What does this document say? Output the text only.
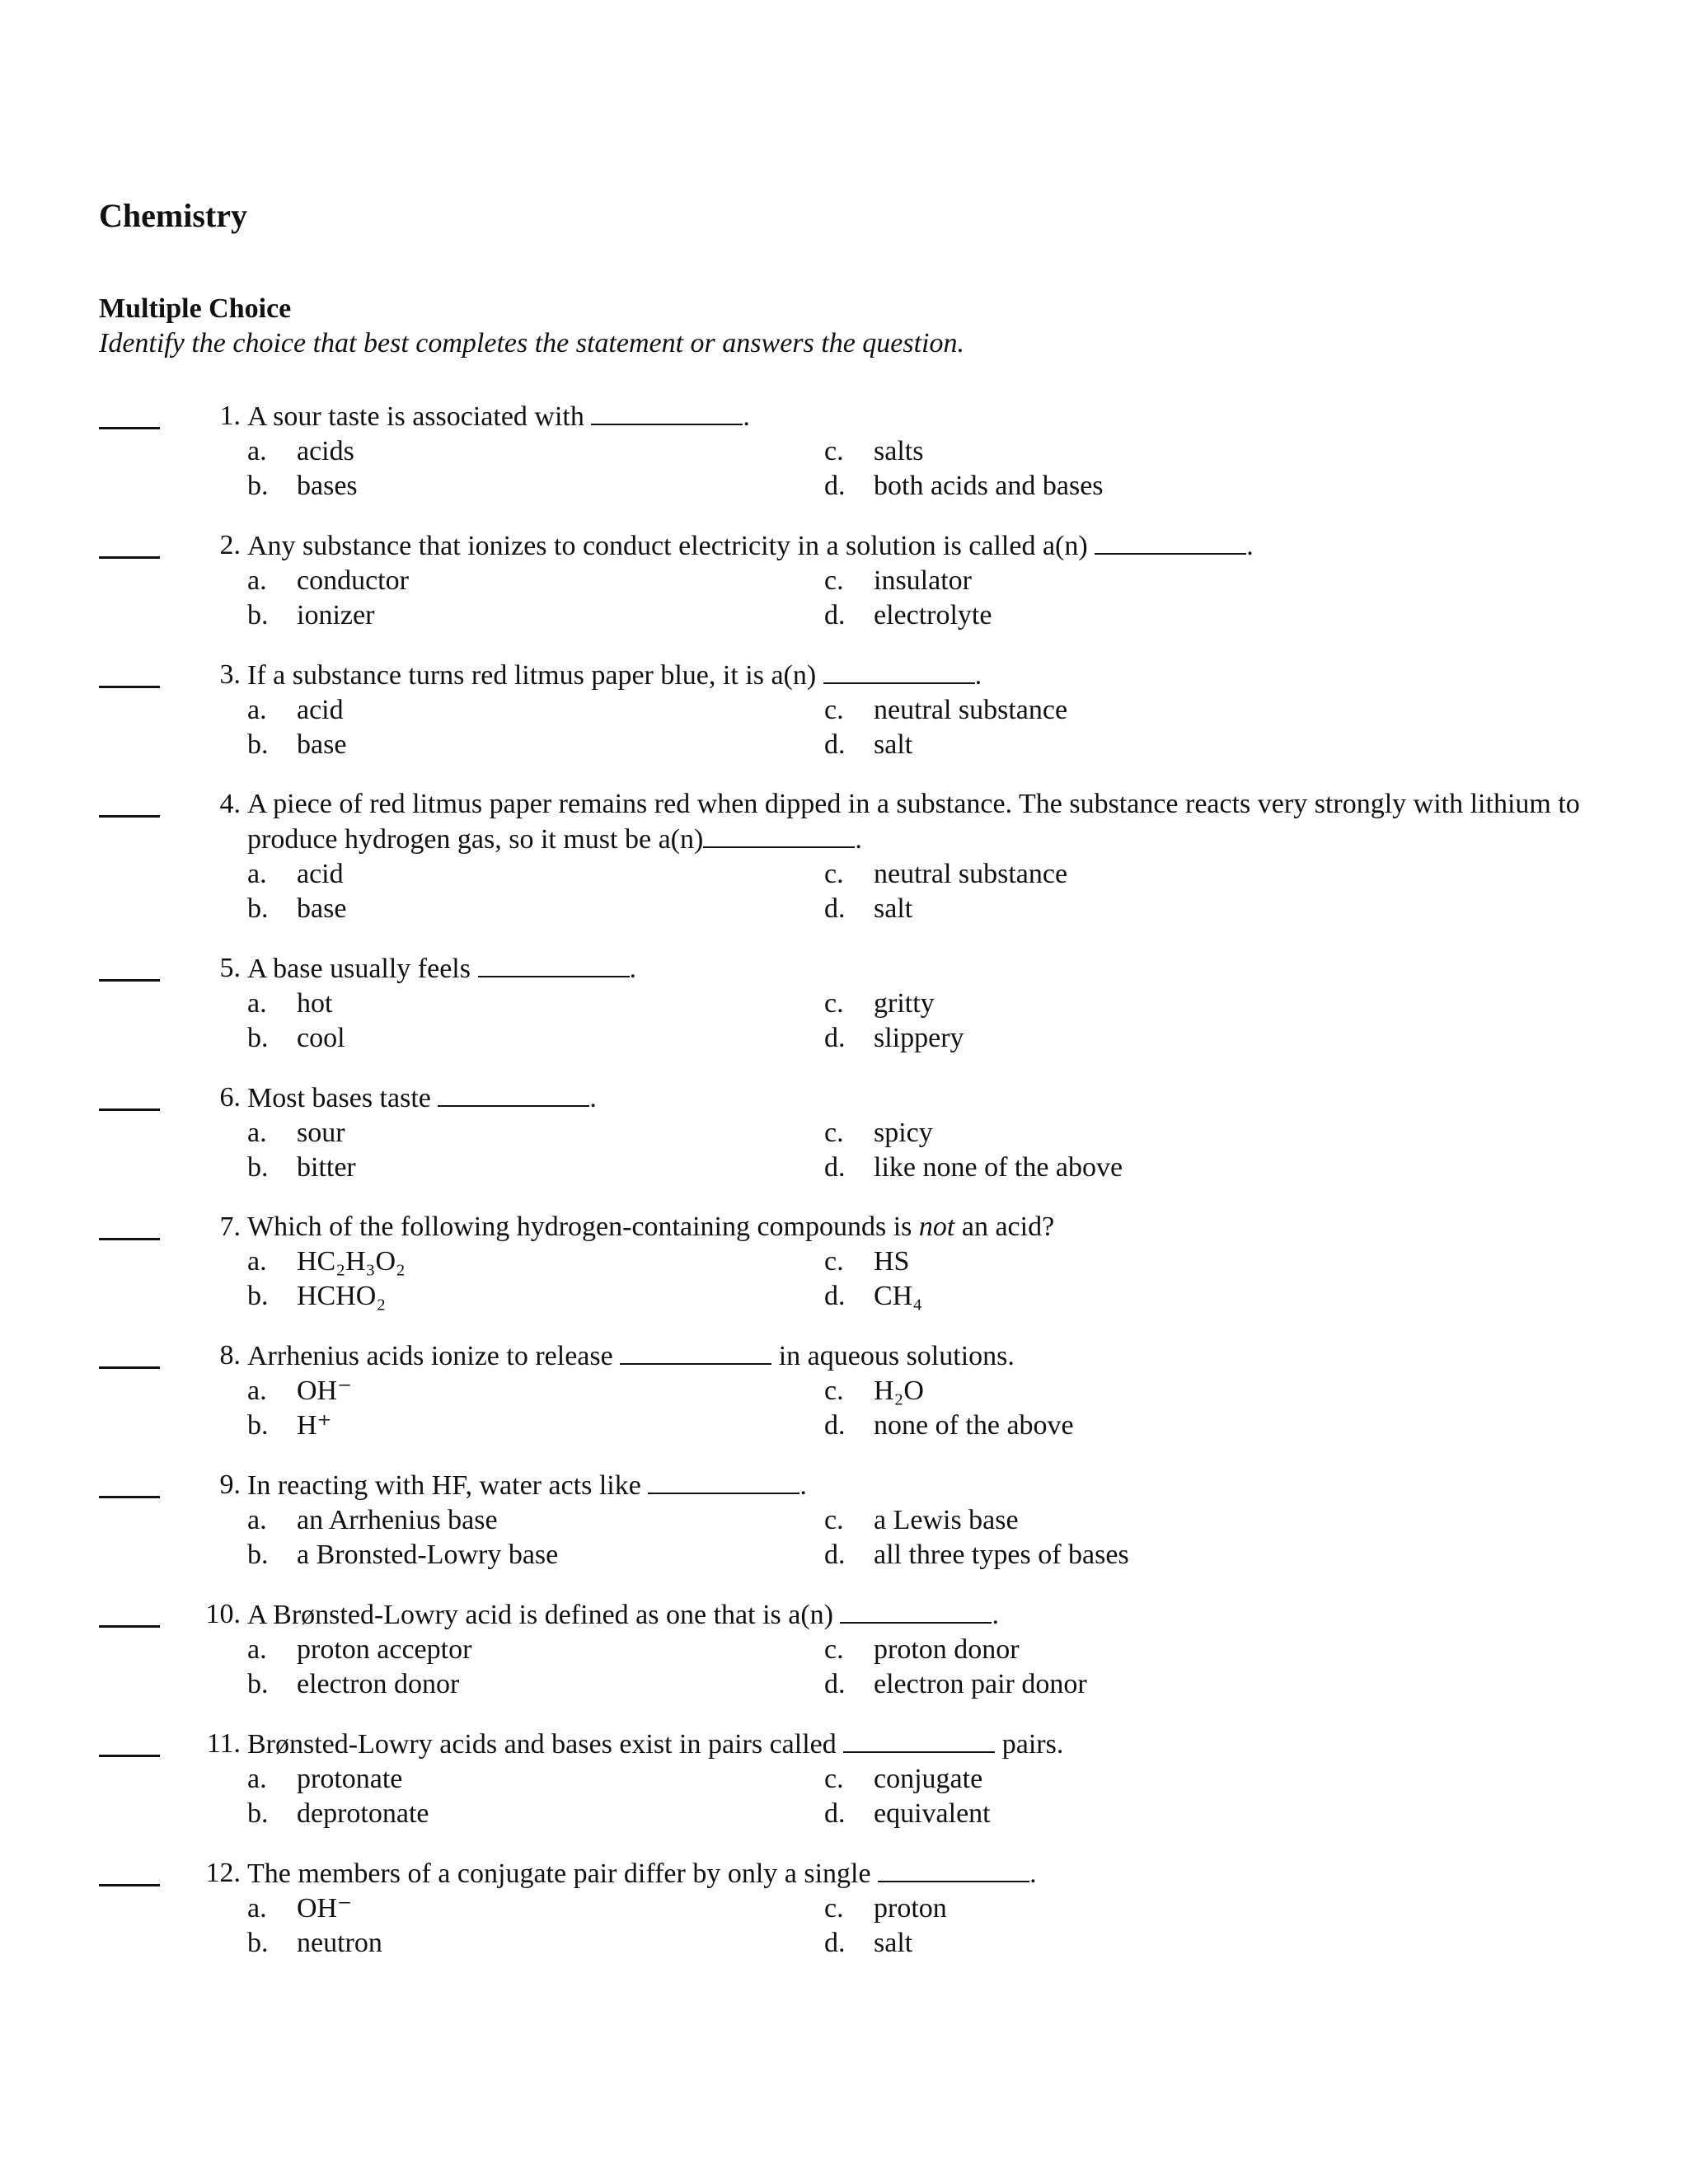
Chemistry
Multiple Choice
Identify the choice that best completes the statement or answers the question.
1. A sour taste is associated with	.
a.	acids	c.	salts
b.	bases	d.	both acids and bases
2. Any substance that ionizes to conduct electricity in a solution is called a(n)	.
a.	conductor	c.	insulator
b.	ionizer	d.	electrolyte
3. If a substance turns red litmus paper blue, it is a(n)	.
a.	acid	c.	neutral substance
b.	base	d.	salt
4. A piece of red litmus paper remains red when dipped in a substance. The substance reacts very strongly with lithium to produce hydrogen gas, so it must be a(n)	.
a.	acid	c.	neutral substance
b.	base	d.	salt
5. A base usually feels	.
a.	hot	c.	gritty
b.	cool	d.	slippery
6. Most bases taste	.
a.	sour	c.	spicy
b.	bitter	d.	like none of the above
7. Which of the following hydrogen-containing compounds is not an acid?
a.	HC₂H₃O₂	c.	HS
b.	HCHO₂	d.	CH₄
8. Arrhenius acids ionize to release	in aqueous solutions.
a.	OH⁻	c.	H₂O
b.	H⁺	d.	none of the above
9. In reacting with HF, water acts like	.
a.	an Arrhenius base	c.	a Lewis base
b.	a Bronsted-Lowry base	d.	all three types of bases
10. A Brønsted-Lowry acid is defined as one that is a(n)	.
a.	proton acceptor	c.	proton donor
b.	electron donor	d.	electron pair donor
11. Brønsted-Lowry acids and bases exist in pairs called	pairs.
a.	protonate	c.	conjugate
b.	deprotonate	d.	equivalent
12. The members of a conjugate pair differ by only a single	.
a.	OH⁻	c.	proton
b.	neutron	d.	salt
